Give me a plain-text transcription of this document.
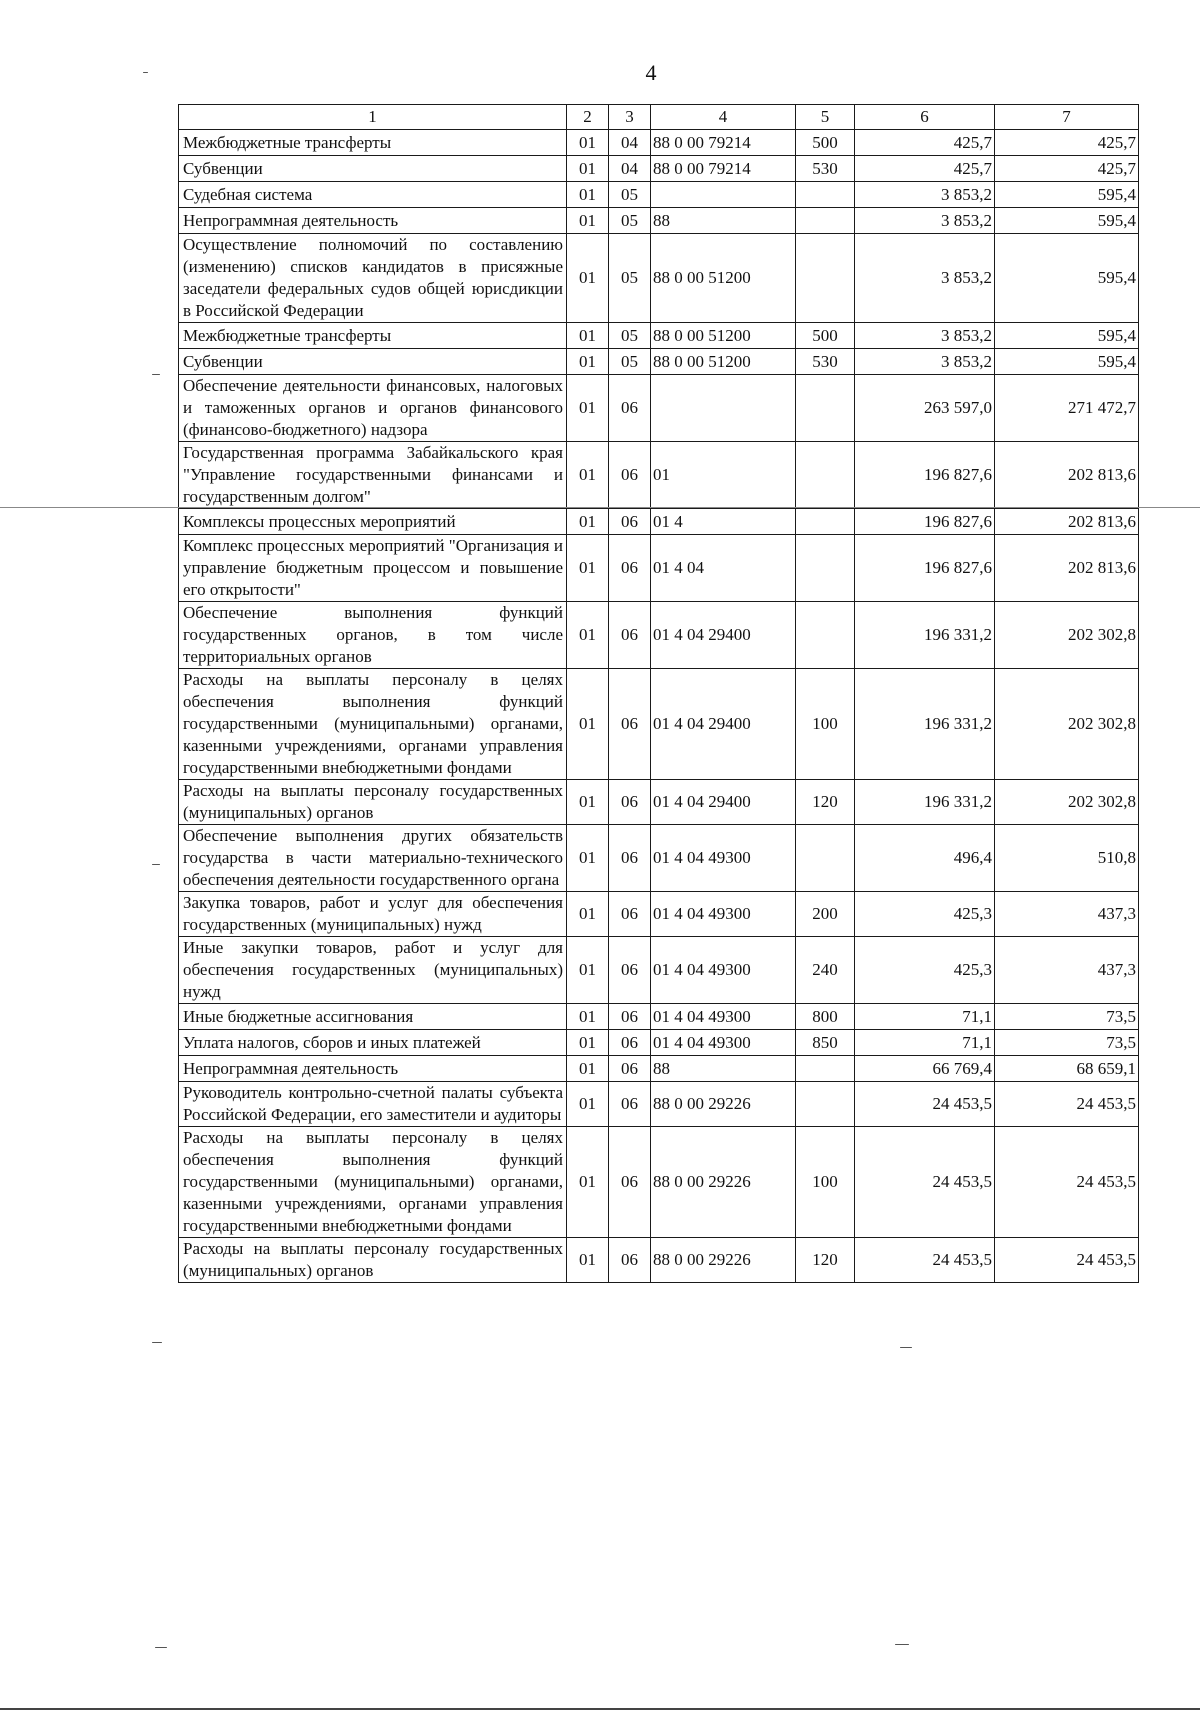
4
1	2	3	4	5	6	7
Межбюджетные трансферты	01	04	88 0 00 79214	500	425,7	425,7
Субвенции	01	04	88 0 00 79214	530	425,7	425,7
Судебная система	01	05			3 853,2	595,4
Непрограммная деятельность	01	05	88		3 853,2	595,4
Осуществление полномочий по составлению (изменению) списков кандидатов в присяжные заседатели федеральных судов общей юрисдикции в Российской Федерации	01	05	88 0 00 51200		3 853,2	595,4
Межбюджетные трансферты	01	05	88 0 00 51200	500	3 853,2	595,4
Субвенции	01	05	88 0 00 51200	530	3 853,2	595,4
Обеспечение деятельности финансовых, налоговых и таможенных органов и органов финансового (финансово-бюджетного) надзора	01	06			263 597,0	271 472,7
Государственная программа Забайкальского края "Управление государственными финансами и государственным долгом"	01	06	01		196 827,6	202 813,6
Комплексы процессных мероприятий	01	06	01 4		196 827,6	202 813,6
Комплекс процессных мероприятий "Организация и управление бюджетным процессом и повышение его открытости"	01	06	01 4 04		196 827,6	202 813,6
Обеспечение выполнения функций государственных органов, в том числе территориальных органов	01	06	01 4 04 29400		196 331,2	202 302,8
Расходы на выплаты персоналу в целях обеспечения выполнения функций государственными (муниципальными) органами, казенными учреждениями, органами управления государственными внебюджетными фондами	01	06	01 4 04 29400	100	196 331,2	202 302,8
Расходы на выплаты персоналу государственных (муниципальных) органов	01	06	01 4 04 29400	120	196 331,2	202 302,8
Обеспечение выполнения других обязательств государства в части материально-технического обеспечения деятельности государственного органа	01	06	01 4 04 49300		496,4	510,8
Закупка товаров, работ и услуг для обеспечения государственных (муниципальных) нужд	01	06	01 4 04 49300	200	425,3	437,3
Иные закупки товаров, работ и услуг для обеспечения государственных (муниципальных) нужд	01	06	01 4 04 49300	240	425,3	437,3
Иные бюджетные ассигнования	01	06	01 4 04 49300	800	71,1	73,5
Уплата налогов, сборов и иных платежей	01	06	01 4 04 49300	850	71,1	73,5
Непрограммная деятельность	01	06	88		66 769,4	68 659,1
Руководитель контрольно-счетной палаты субъекта Российской Федерации, его заместители и аудиторы	01	06	88 0 00 29226		24 453,5	24 453,5
Расходы на выплаты персоналу в целях обеспечения выполнения функций государственными (муниципальными) органами, казенными учреждениями, органами управления государственными внебюджетными фондами	01	06	88 0 00 29226	100	24 453,5	24 453,5
Расходы на выплаты персоналу государственных (муниципальных) органов	01	06	88 0 00 29226	120	24 453,5	24 453,5
